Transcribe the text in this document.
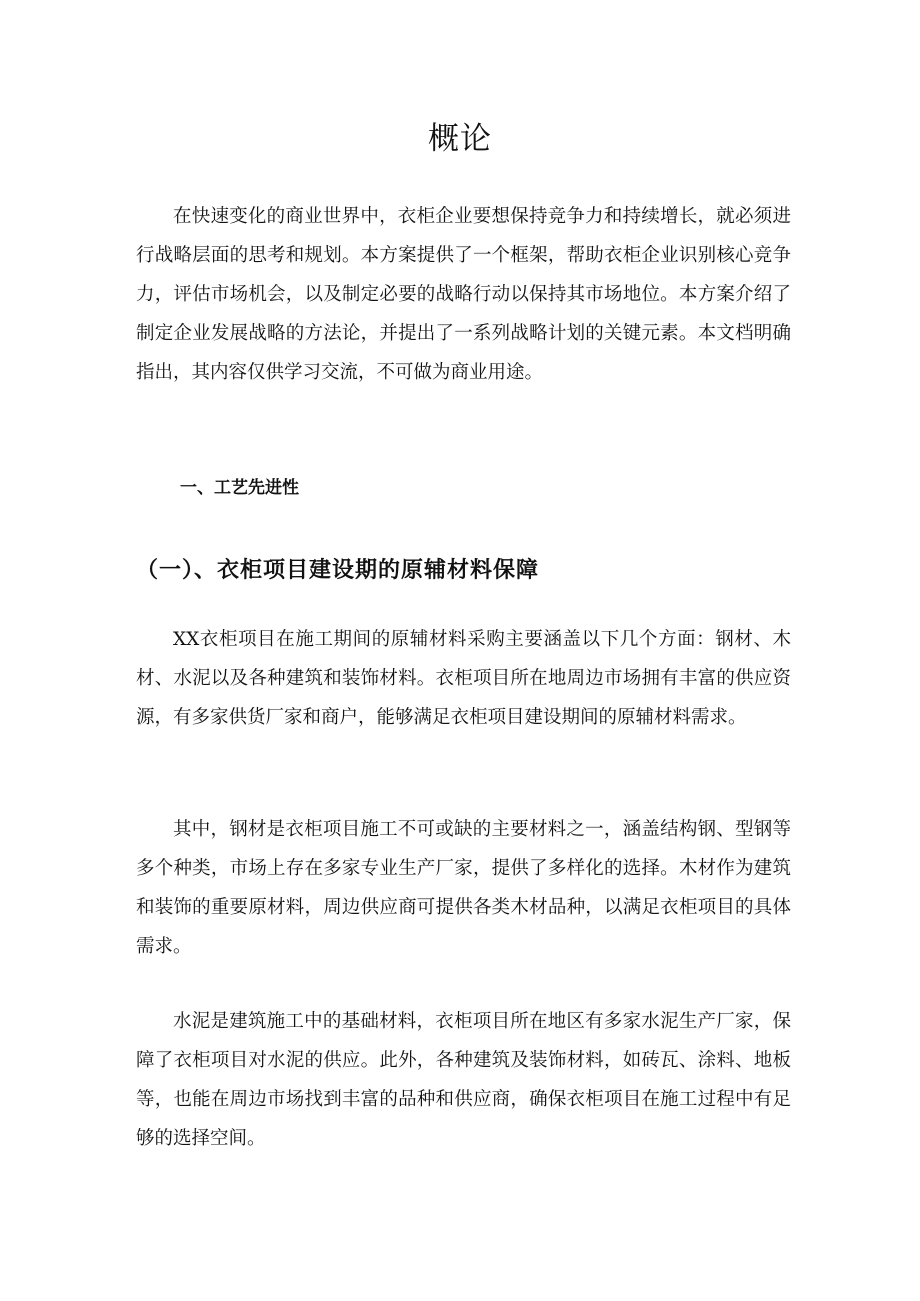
概论

在快速变化的商业世界中，衣柜企业要想保持竞争力和持续增长，就必须进行战略层面的思考和规划。本方案提供了一个框架，帮助衣柜企业识别核心竞争力，评估市场机会，以及制定必要的战略行动以保持其市场地位。本方案介绍了制定企业发展战略的方法论，并提出了一系列战略计划的关键元素。本文档明确指出，其内容仅供学习交流，不可做为商业用途。

一、工艺先进性
（一）、衣柜项目建设期的原辅材料保障

XX衣柜项目在施工期间的原辅材料采购主要涵盖以下几个方面：钢材、木材、水泥以及各种建筑和装饰材料。衣柜项目所在地周边市场拥有丰富的供应资源，有多家供货厂家和商户，能够满足衣柜项目建设期间的原辅材料需求。

其中，钢材是衣柜项目施工不可或缺的主要材料之一，涵盖结构钢、型钢等多个种类，市场上存在多家专业生产厂家，提供了多样化的选择。木材作为建筑和装饰的重要原材料，周边供应商可提供各类木材品种，以满足衣柜项目的具体需求。

水泥是建筑施工中的基础材料，衣柜项目所在地区有多家水泥生产厂家，保障了衣柜项目对水泥的供应。此外，各种建筑及装饰材料，如砖瓦、涂料、地板等，也能在周边市场找到丰富的品种和供应商，确保衣柜项目在施工过程中有足够的选择空间。
